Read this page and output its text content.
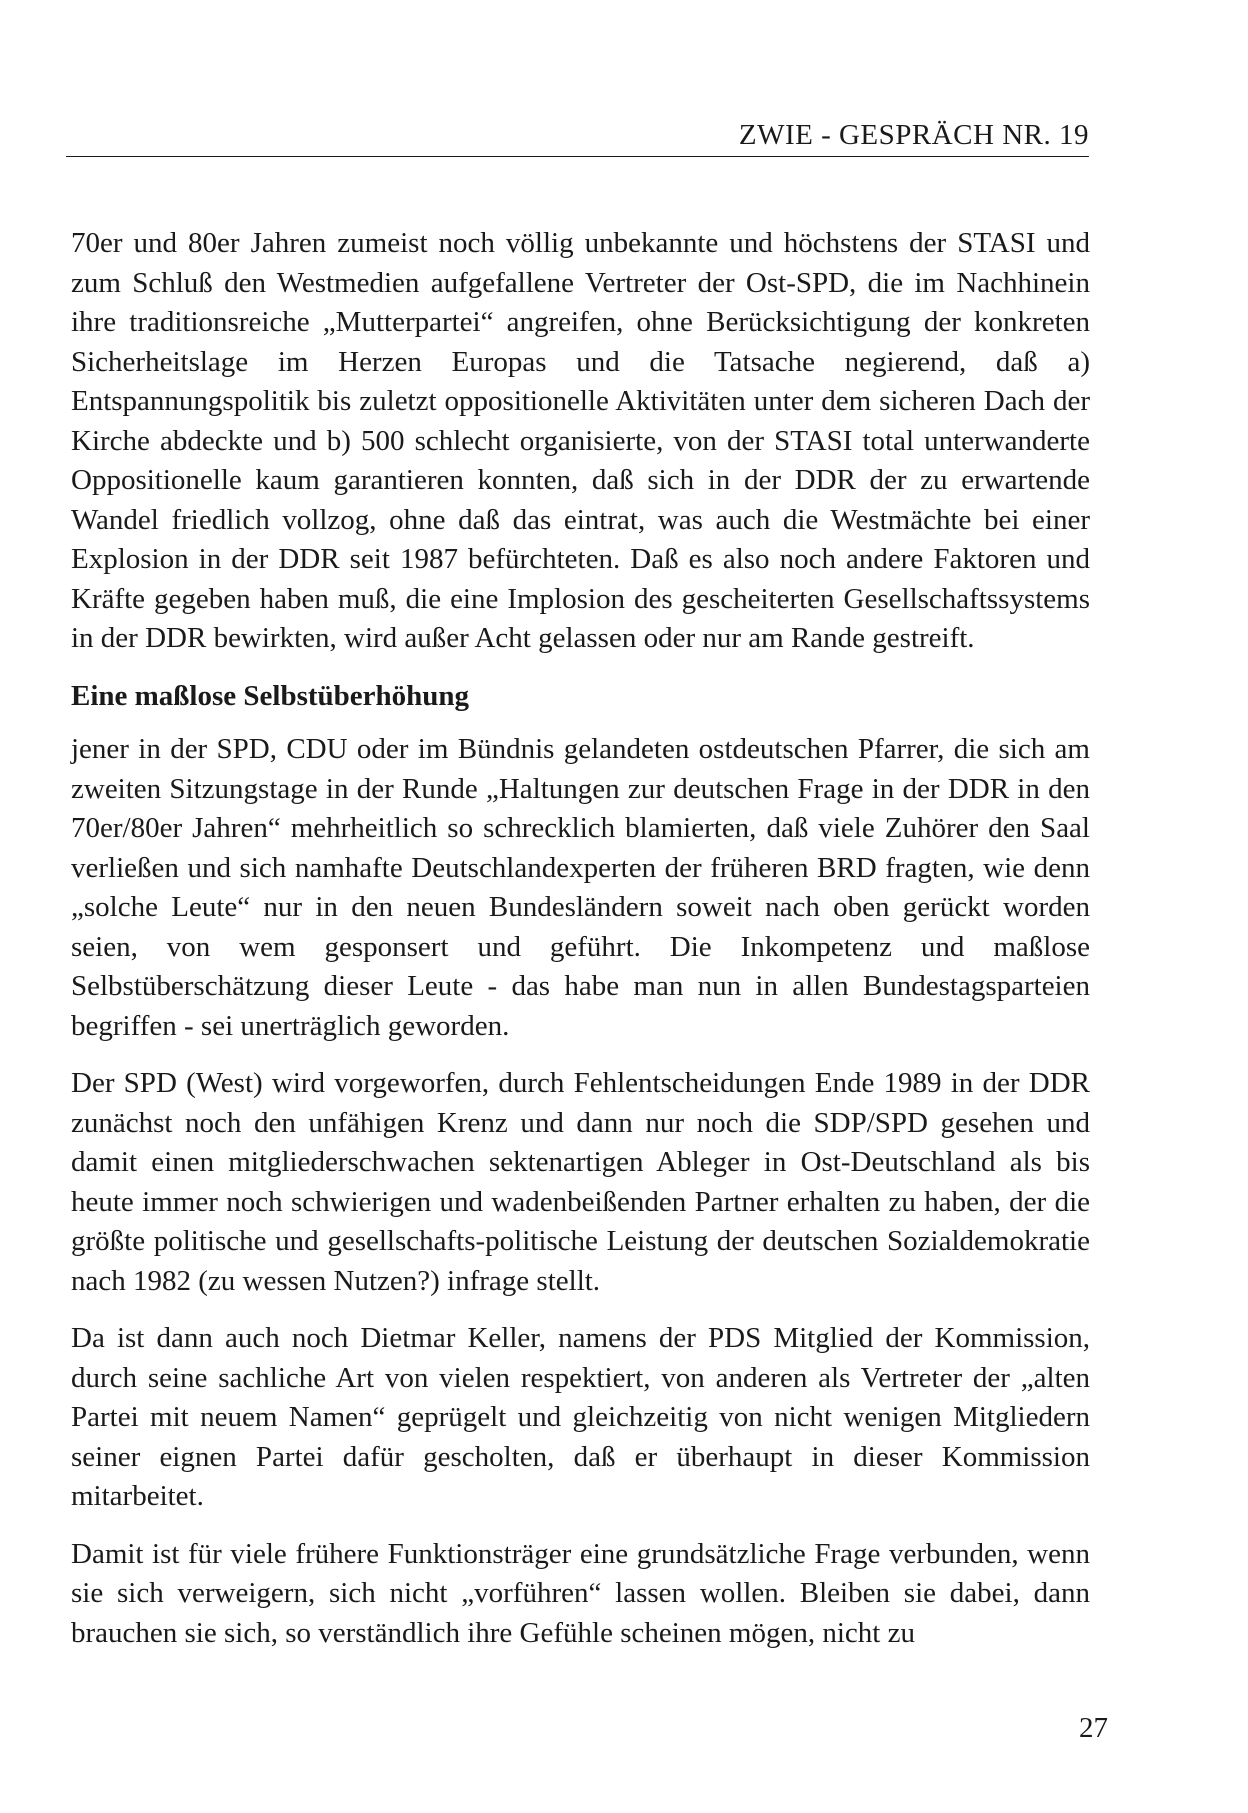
ZWIE - GESPRÄCH NR. 19

70er und 80er Jahren zumeist noch völlig unbekannte und höchstens der STASI und zum Schluß den Westmedien aufgefallene Vertreter der Ost-SPD, die im Nachhinein ihre traditionsreiche „Mutterpartei“ angreifen, ohne Berücksichtigung der konkreten Sicherheitslage im Herzen Europas und die Tatsache negierend, daß a) Entspannungspolitik bis zuletzt oppositionelle Aktivitäten unter dem sicheren Dach der Kirche abdeckte und b) 500 schlecht organisierte, von der STASI total unterwanderte Oppositionelle kaum garantieren konnten, daß sich in der DDR der zu erwartende Wandel friedlich vollzog, ohne daß das eintrat, was auch die Westmächte bei einer Explosion in der DDR seit 1987 befürchteten. Daß es also noch andere Faktoren und Kräfte gegeben haben muß, die eine Implosion des gescheiterten Gesellschaftssystems in der DDR bewirkten, wird außer Acht gelassen oder nur am Rande gestreift.

Eine maßlose Selbstüberhöhung

jener in der SPD, CDU oder im Bündnis gelandeten ostdeutschen Pfarrer, die sich am zweiten Sitzungstage in der Runde „Haltungen zur deutschen Frage in der DDR in den 70er/80er Jahren“ mehrheitlich so schrecklich blamierten, daß viele Zuhörer den Saal verließen und sich namhafte Deutschlandexperten der früheren BRD fragten, wie denn „solche Leute“ nur in den neuen Bundesländern soweit nach oben gerückt worden seien, von wem gesponsert und geführt. Die Inkompetenz und maßlose Selbstüberschätzung dieser Leute - das habe man nun in allen Bundestagsparteien begriffen - sei unerträglich geworden.

Der SPD (West) wird vorgeworfen, durch Fehlentscheidungen Ende 1989 in der DDR zunächst noch den unfähigen Krenz und dann nur noch die SDP/SPD gesehen und damit einen mitgliederschwachen sektenartigen Ableger in Ost-Deutschland als bis heute immer noch schwierigen und wadenbeißenden Partner erhalten zu haben, der die größte politische und gesellschafts-politische Leistung der deutschen Sozialdemokratie nach 1982 (zu wessen Nutzen?) infrage stellt.

Da ist dann auch noch Dietmar Keller, namens der PDS Mitglied der Kommission, durch seine sachliche Art von vielen respektiert, von anderen als Vertreter der „alten Partei mit neuem Namen“ geprügelt und gleichzeitig von nicht wenigen Mitgliedern seiner eignen Partei dafür gescholten, daß er überhaupt in dieser Kommission mitarbeitet.

Damit ist für viele frühere Funktionsträger eine grundsätzliche Frage verbunden, wenn sie sich verweigern, sich nicht „vorführen“ lassen wollen. Bleiben sie dabei, dann brauchen sie sich, so verständlich ihre Gefühle scheinen mögen, nicht zu

27
